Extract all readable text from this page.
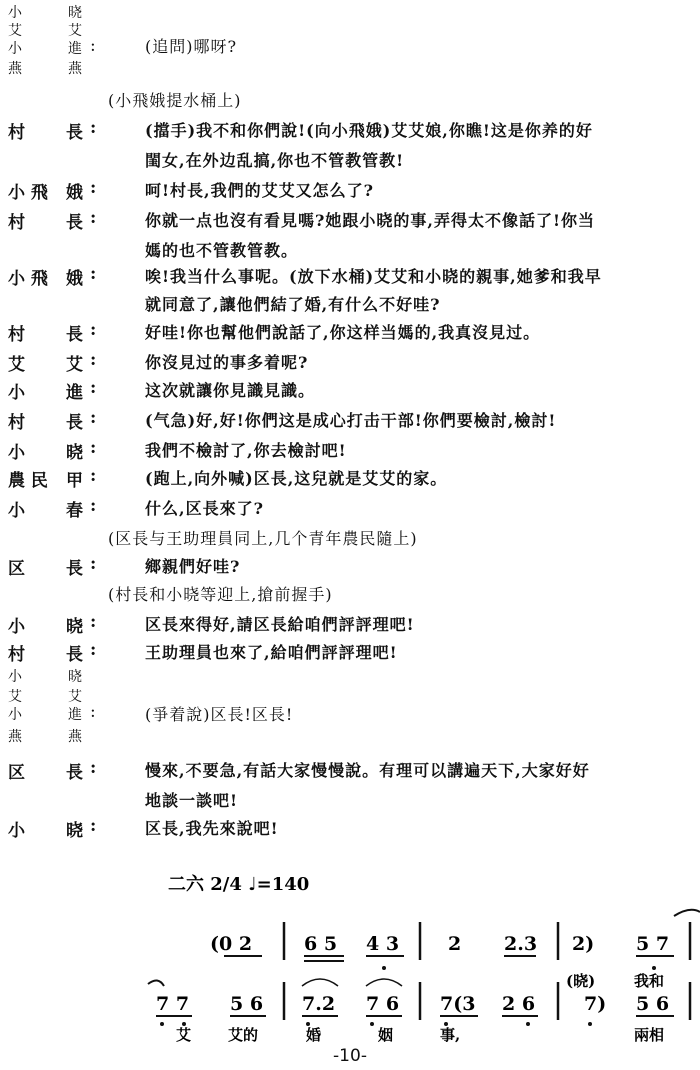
小	晓
艾	艾
小	進
燕	燕
:	(追問)哪呀?
(小飛娥提水桶上)
村 長 :	(擋手)我不和你們說!(向小飛娥)艾艾娘,你瞧!这是你养的好
閨女,在外边乱搞,你也不管教管教!
小 飛 娥 :	呵!村長,我們的艾艾又怎么了?
村 長 :	你就一点也沒有看見嗎?她跟小晓的事,弄得太不像話了!你当
媽的也不管教管教。
小 飛 娥 :	唉!我当什么事呢。(放下水桶)艾艾和小晓的親事,她爹和我早
就同意了,讓他們結了婚,有什么不好哇?
村 長 :	好哇!你也幫他們說話了,你这样当媽的,我真沒見过。
艾 艾 :	你沒見过的事多着呢?
小 進 :	这次就讓你見識見識。
村 長 :	(气急)好,好!你們这是成心打击干部!你們要檢討,檢討!
小 晓 :	我們不檢討了,你去檢討吧!
農 民 甲 :	(跑上,向外喊)区長,这兒就是艾艾的家。
小 春 :	什么,区長來了?
(区長与王助理員同上,几个青年農民隨上)
区 長 :	鄉親們好哇?
(村長和小晓等迎上,搶前握手)
小 晓 :	区長來得好,請区長給咱們評評理吧!
村 長 :	王助理員也來了,給咱們評評理吧!
小	晓
艾	艾
小	進
燕	燕
:	(爭着說)区長!区長!
区 長 :	慢來,不要急,有話大家慢慢說。有理可以講遍天下,大家好好
地談一談吧!
小 晓 :	区長,我先來說吧!
二六 2/4 ♩=140
(0 2	6 5 4 3	2 2.3 2) 5 7
(晓)	我和
7 7 5 6 7.2 7 6 7(3 2 6	7) 5 6
艾 艾的	婚	姻	事,	兩相
-10-
